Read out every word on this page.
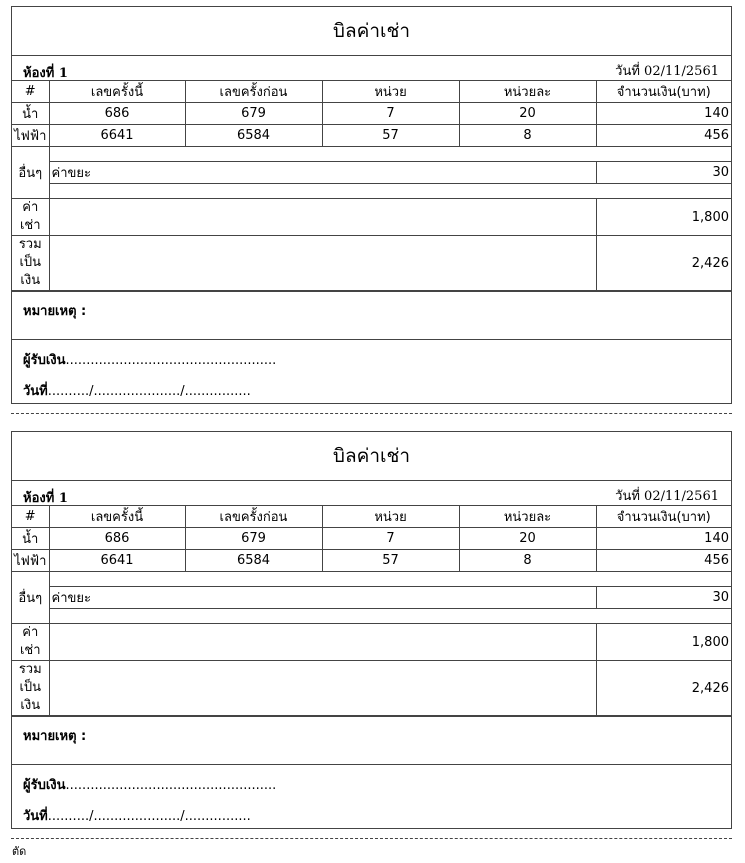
บิลค่าเช่า
ห้องที่ 1	วันที่ 02/11/2561
#	เลขครั้งนี้	เลขครั้งก่อน	หน่วย	หน่วยละ	จำนวนเงิน(บาท)
น้ำ	686	679	7	20	140
ไฟฟ้า	6641	6584	57	8	456
อื่นๆ					
	ค่าขยะ				30

ค่าเช่า					1,800
รวมเป็นเงิน					2,426
หมายเหตุ :
ผู้รับเงิน...................................................
วันที่........../...................../................
บิลค่าเช่า
ห้องที่ 1	วันที่ 02/11/2561
#	เลขครั้งนี้	เลขครั้งก่อน	หน่วย	หน่วยละ	จำนวนเงิน(บาท)
น้ำ	686	679	7	20	140
ไฟฟ้า	6641	6584	57	8	456
อื่นๆ					
	ค่าขยะ				30

ค่าเช่า					1,800
รวมเป็นเงิน					2,426
หมายเหตุ :
ผู้รับเงิน...................................................
วันที่........../...................../................
ตัด
